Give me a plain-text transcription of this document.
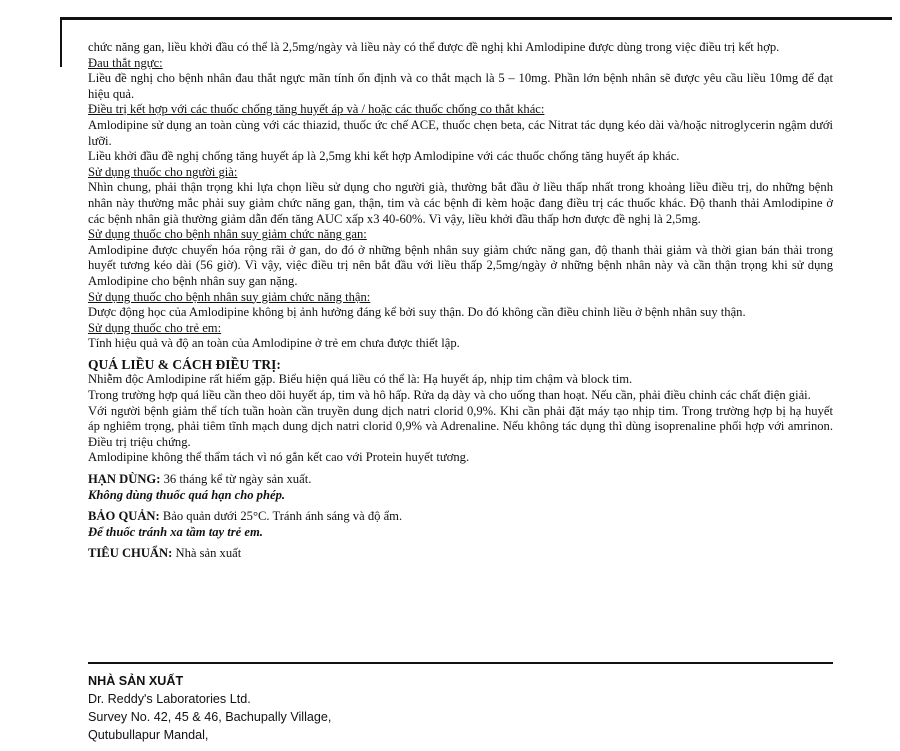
chức năng gan, liều khởi đầu có thể là 2,5mg/ngày và liều này có thể được đề nghị khi Amlodipine được dùng trong việc điều trị kết hợp.

Đau thắt ngực:

Liều đề nghị cho bệnh nhân đau thắt ngực mãn tính ổn định và co thắt mạch là 5 – 10mg. Phần lớn bệnh nhân sẽ được yêu cầu liều 10mg để đạt hiệu quả.

Điều trị kết hợp với các thuốc chống tăng huyết áp và / hoặc các thuốc chống co thắt khác:

Amlodipine sử dụng an toàn cùng với các thiazid, thuốc ức chế ACE, thuốc chẹn beta, các Nitrat tác dụng kéo dài và/hoặc nitroglycerin ngậm dưới lưỡi.

Liều khởi đầu đề nghị chống tăng huyết áp là 2,5mg khi kết hợp Amlodipine với các thuốc chống tăng huyết áp khác.

Sử dụng thuốc cho người già:

Nhìn chung, phải thận trọng khi lựa chọn liều sử dụng cho người già, thường bắt đầu ở liều thấp nhất trong khoảng liều điều trị, do những bệnh nhân này thường mắc phải suy giảm chức năng gan, thận, tim và các bệnh đi kèm hoặc đang điều trị các thuốc khác. Độ thanh thải Amlodipine ở các bệnh nhân già thường giảm dẫn đến tăng AUC xấp x3 40-60%. Vì vậy, liều khởi đầu thấp hơn được đề nghị là 2,5mg.

Sử dụng thuốc cho bệnh nhân suy giảm chức năng gan:

Amlodipine được chuyển hóa rộng rãi ở gan, do đó ở những bệnh nhân suy giảm chức năng gan, độ thanh thải giảm và thời gian bán thải trong huyết tương kéo dài (56 giờ). Vì vậy, việc điều trị nên bắt đầu với liều thấp 2,5mg/ngày ở những bệnh nhân này và cần thận trọng khi sử dụng Amlodipine cho bệnh nhân suy gan nặng.

Sử dụng thuốc cho bệnh nhân suy giảm chức năng thận:

Dược động học của Amlodipine không bị ảnh hưởng đáng kể bởi suy thận. Do đó không cần điều chỉnh liều ở bệnh nhân suy thận.

Sử dụng thuốc cho trẻ em:

Tính hiệu quả và độ an toàn của Amlodipine ở trẻ em chưa được thiết lập.

QUÁ LIỀU & CÁCH ĐIỀU TRỊ:

Nhiễm độc Amlodipine rất hiếm gặp. Biểu hiện quá liều có thể là: Hạ huyết áp, nhịp tim chậm và block tim.

Trong trường hợp quá liều cần theo dõi huyết áp, tim và hô hấp. Rửa dạ dày và cho uống than hoạt. Nếu cần, phải điều chỉnh các chất điện giải.

Với người bệnh giảm thể tích tuần hoàn cần truyền dung dịch natri clorid 0,9%. Khi cần phải đặt máy tạo nhịp tim. Trong trường hợp bị hạ huyết áp nghiêm trọng, phải tiêm tĩnh mạch dung dịch natri clorid 0,9% và Adrenaline. Nếu không tác dụng thì dùng isoprenaline phối hợp với amrinon. Điều trị triệu chứng.

Amlodipine không thể thẩm tách vì nó gắn kết cao với Protein huyết tương.

HẠN DÙNG: 36 tháng kể từ ngày sản xuất.

Không dùng thuốc quá hạn cho phép.

BẢO QUẢN: Bảo quản dưới 25°C. Tránh ánh sáng và độ ẩm.

Để thuốc tránh xa tầm tay trẻ em.

TIÊU CHUẨN: Nhà sản xuất

NHÀ SẢN XUẤT
Dr. Reddy's Laboratories Ltd.
Survey No. 42, 45 & 46, Bachupally Village,
Qutubullapur Mandal,
